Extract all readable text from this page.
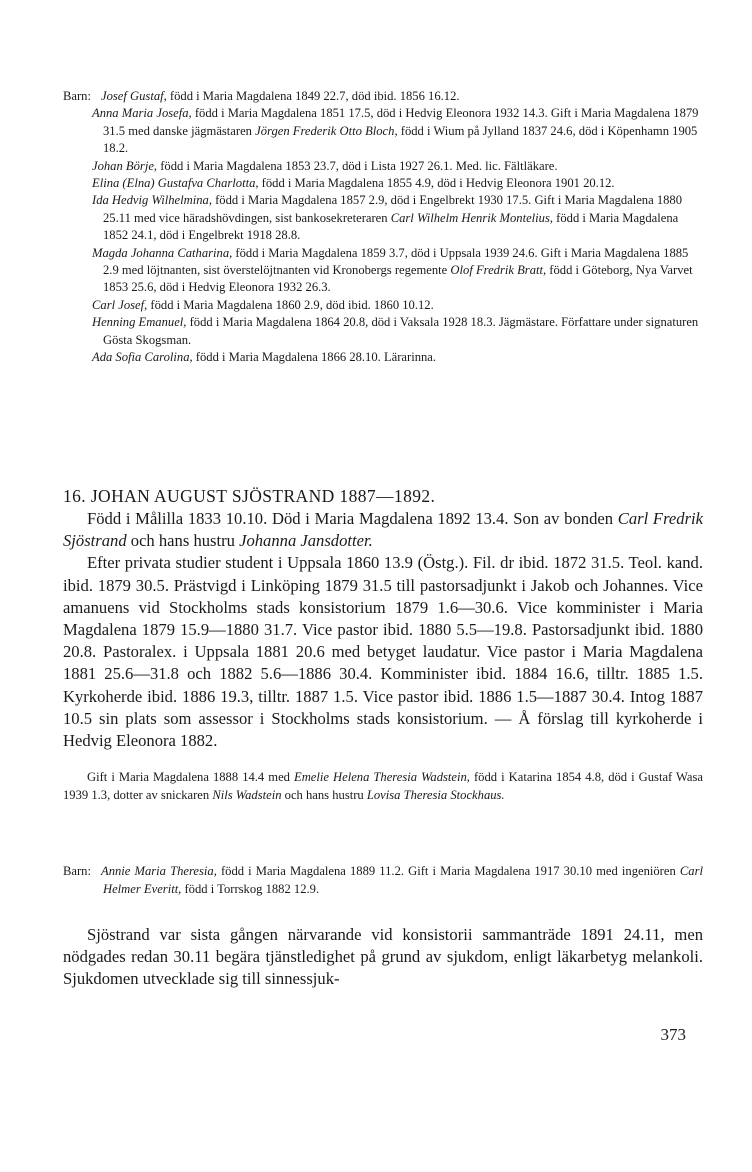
Barn: Josef Gustaf, född i Maria Magdalena 1849 22.7, död ibid. 1856 16.12.

Anna Maria Josefa, född i Maria Magdalena 1851 17.5, död i Hedvig Eleonora 1932 14.3. Gift i Maria Magdalena 1879 31.5 med danske jägmästaren Jörgen Frederik Otto Bloch, född i Wium på Jylland 1837 24.6, död i Köpenhamn 1905 18.2.

Johan Börje, född i Maria Magdalena 1853 23.7, död i Lista 1927 26.1. Med. lic. Fältläkare.

Elina (Elna) Gustafva Charlotta, född i Maria Magdalena 1855 4.9, död i Hedvig Eleonora 1901 20.12.

Ida Hedvig Wilhelmina, född i Maria Magdalena 1857 2.9, död i Engelbrekt 1930 17.5. Gift i Maria Magdalena 1880 25.11 med vice häradshövdingen, sist bankosekreteraren Carl Wilhelm Henrik Montelius, född i Maria Magdalena 1852 24.1, död i Engelbrekt 1918 28.8.

Magda Johanna Catharina, född i Maria Magdalena 1859 3.7, död i Uppsala 1939 24.6. Gift i Maria Magdalena 1885 2.9 med löjtnanten, sist överstelöjtnanten vid Kronobergs regemente Olof Fredrik Bratt, född i Göteborg, Nya Varvet 1853 25.6, död i Hedvig Eleonora 1932 26.3.

Carl Josef, född i Maria Magdalena 1860 2.9, död ibid. 1860 10.12.

Henning Emanuel, född i Maria Magdalena 1864 20.8, död i Vaksala 1928 18.3. Jägmästare. Författare under signaturen Gösta Skogsman.

Ada Sofia Carolina, född i Maria Magdalena 1866 28.10. Lärarinna.

16. JOHAN AUGUST SJÖSTRAND 1887—1892.

Född i Målilla 1833 10.10. Död i Maria Magdalena 1892 13.4. Son av bonden Carl Fredrik Sjöstrand och hans hustru Johanna Jansdotter.

Efter privata studier student i Uppsala 1860 13.9 (Östg.). Fil. dr ibid. 1872 31.5. Teol. kand. ibid. 1879 30.5. Prästvigd i Linköping 1879 31.5 till pastorsadjunkt i Jakob och Johannes. Vice amanuens vid Stockholms stads konsistorium 1879 1.6—30.6. Vice komminister i Maria Magdalena 1879 15.9—1880 31.7. Vice pastor ibid. 1880 5.5—19.8. Pastorsadjunkt ibid. 1880 20.8. Pastoralex. i Uppsala 1881 20.6 med betyget laudatur. Vice pastor i Maria Magdalena 1881 25.6—31.8 och 1882 5.6—1886 30.4. Komminister ibid. 1884 16.6, tilltr. 1885 1.5. Kyrkoherde ibid. 1886 19.3, tilltr. 1887 1.5. Vice pastor ibid. 1886 1.5—1887 30.4. Intog 1887 10.5 sin plats som assessor i Stockholms stads konsistorium. — Å förslag till kyrkoherde i Hedvig Eleonora 1882.

Gift i Maria Magdalena 1888 14.4 med Emelie Helena Theresia Wadstein, född i Katarina 1854 4.8, död i Gustaf Wasa 1939 1.3, dotter av snickaren Nils Wadstein och hans hustru Lovisa Theresia Stockhaus.

Barn: Annie Maria Theresia, född i Maria Magdalena 1889 11.2. Gift i Maria Magdalena 1917 30.10 med ingeniören Carl Helmer Everitt, född i Torrskog 1882 12.9.

Sjöstrand var sista gången närvarande vid konsistorii sammanträde 1891 24.11, men nödgades redan 30.11 begära tjänstledighet på grund av sjukdom, enligt läkarbetyg melankoli. Sjukdomen utvecklade sig till sinnessjuk-

373
